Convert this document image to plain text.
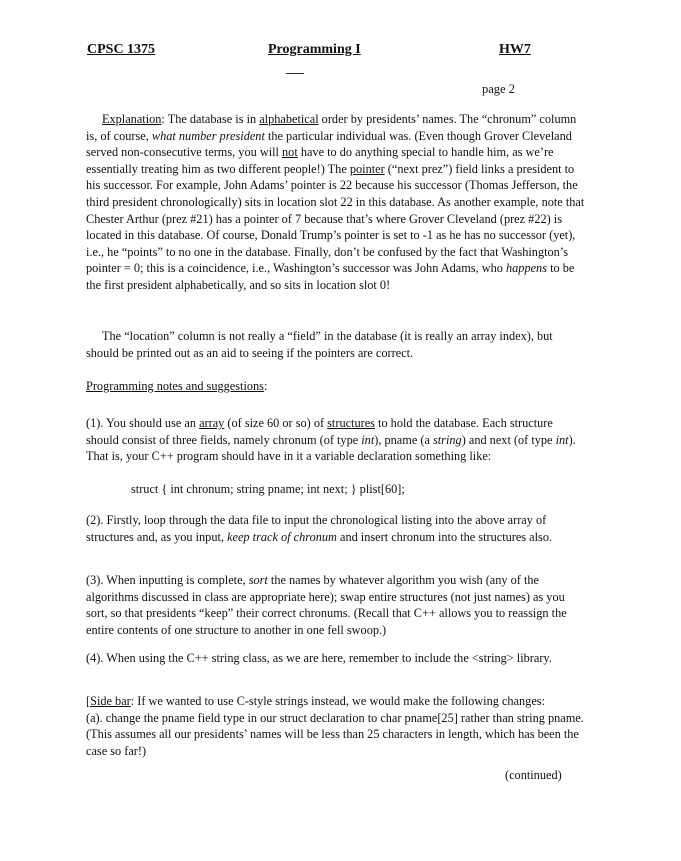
CPSC 1375	Programming I	HW7
—
page 2
Explanation: The database is in alphabetical order by presidents’ names. The “chronum” column is, of course, what number president the particular individual was. (Even though Grover Cleveland served non-consecutive terms, you will not have to do anything special to handle him, as we’re essentially treating him as two different people!) The pointer (“next prez”) field links a president to his successor. For example, John Adams’ pointer is 22 because his successor (Thomas Jefferson, the third president chronologically) sits in location slot 22 in this database. As another example, note that Chester Arthur (prez #21) has a pointer of 7 because that’s where Grover Cleveland (prez #22) is located in this database. Of course, Donald Trump’s pointer is set to -1 as he has no successor (yet), i.e., he “points” to no one in the database. Finally, don’t be confused by the fact that Washington’s pointer = 0; this is a coincidence, i.e., Washington’s successor was John Adams, who happens to be the first president alphabetically, and so sits in location slot 0!
The “location” column is not really a “field” in the database (it is really an array index), but should be printed out as an aid to seeing if the pointers are correct.
Programming notes and suggestions:
(1). You should use an array (of size 60 or so) of structures to hold the database. Each structure should consist of three fields, namely chronum (of type int), pname (a string) and next (of type int). That is, your C++ program should have in it a variable declaration something like:
struct { int chronum; string pname; int next; } plist[60];
(2). Firstly, loop through the data file to input the chronological listing into the above array of structures and, as you input, keep track of chronum and insert chronum into the structures also.
(3). When inputting is complete, sort the names by whatever algorithm you wish (any of the algorithms discussed in class are appropriate here); swap entire structures (not just names) as you sort, so that presidents “keep” their correct chronums. (Recall that C++ allows you to reassign the entire contents of one structure to another in one fell swoop.)
(4). When using the C++ string class, as we are here, remember to include the <string> library.
[Side bar: If we wanted to use C-style strings instead, we would make the following changes:
(a). change the pname field type in our struct declaration to char pname[25] rather than string pname. (This assumes all our presidents’ names will be less than 25 characters in length, which has been the case so far!)
(continued)
